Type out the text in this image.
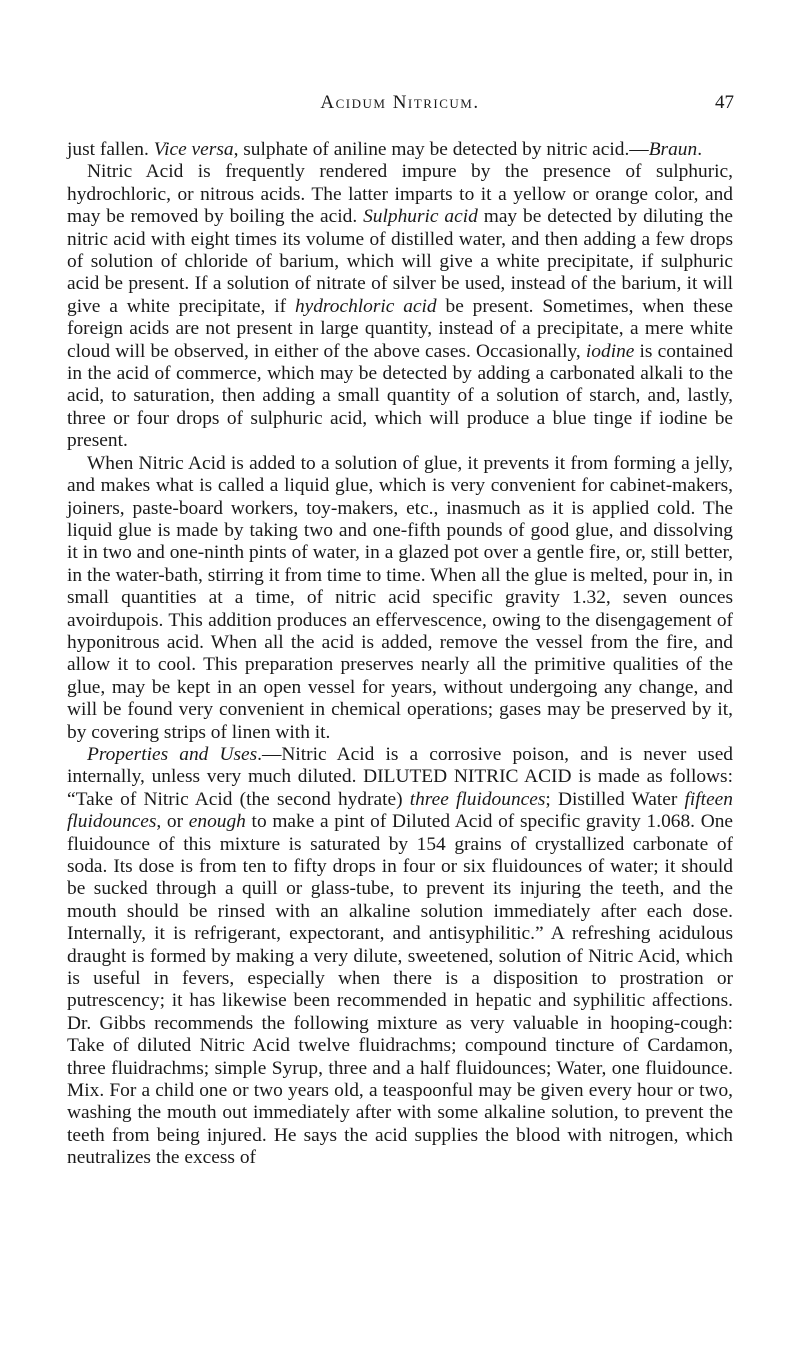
Acidum Nitricum.	47

just fallen. Vice versa, sulphate of aniline may be detected by nitric acid.—Braun.

Nitric Acid is frequently rendered impure by the presence of sulphuric, hydrochloric, or nitrous acids. The latter imparts to it a yellow or orange color, and may be removed by boiling the acid. Sulphuric acid may be detected by diluting the nitric acid with eight times its volume of distilled water, and then adding a few drops of solution of chloride of barium, which will give a white precipitate, if sulphuric acid be present. If a solution of nitrate of silver be used, instead of the barium, it will give a white precipitate, if hydrochloric acid be present. Sometimes, when these foreign acids are not present in large quantity, instead of a precipitate, a mere white cloud will be observed, in either of the above cases. Occasionally, iodine is contained in the acid of commerce, which may be detected by adding a carbonated alkali to the acid, to saturation, then adding a small quantity of a solution of starch, and, lastly, three or four drops of sulphuric acid, which will produce a blue tinge if iodine be present.

When Nitric Acid is added to a solution of glue, it prevents it from forming a jelly, and makes what is called a liquid glue, which is very convenient for cabinet-makers, joiners, paste-board workers, toy-makers, etc., inasmuch as it is applied cold. The liquid glue is made by taking two and one-fifth pounds of good glue, and dissolving it in two and one-ninth pints of water, in a glazed pot over a gentle fire, or, still better, in the water-bath, stirring it from time to time. When all the glue is melted, pour in, in small quantities at a time, of nitric acid specific gravity 1.32, seven ounces avoirdupois. This addition produces an effervescence, owing to the disengagement of hyponitrous acid. When all the acid is added, remove the vessel from the fire, and allow it to cool. This preparation preserves nearly all the primitive qualities of the glue, may be kept in an open vessel for years, without undergoing any change, and will be found very convenient in chemical operations; gases may be preserved by it, by covering strips of linen with it.

Properties and Uses.—Nitric Acid is a corrosive poison, and is never used internally, unless very much diluted. DILUTED NITRIC ACID is made as follows: “Take of Nitric Acid (the second hydrate) three fluidounces; Distilled Water fifteen fluidounces, or enough to make a pint of Diluted Acid of specific gravity 1.068. One fluidounce of this mixture is saturated by 154 grains of crystallized carbonate of soda. Its dose is from ten to fifty drops in four or six fluidounces of water; it should be sucked through a quill or glass-tube, to prevent its injuring the teeth, and the mouth should be rinsed with an alkaline solution immediately after each dose. Internally, it is refrigerant, expectorant, and antisyphilitic.” A refreshing acidulous draught is formed by making a very dilute, sweetened, solution of Nitric Acid, which is useful in fevers, especially when there is a disposition to prostration or putrescency; it has likewise been recommended in hepatic and syphilitic affections. Dr. Gibbs recommends the following mixture as very valuable in hooping-cough: Take of diluted Nitric Acid twelve fluidrachms; compound tincture of Cardamon, three fluidrachms; simple Syrup, three and a half fluidounces; Water, one fluidounce. Mix. For a child one or two years old, a teaspoonful may be given every hour or two, washing the mouth out immediately after with some alkaline solution, to prevent the teeth from being injured. He says the acid supplies the blood with nitrogen, which neutralizes the excess of
